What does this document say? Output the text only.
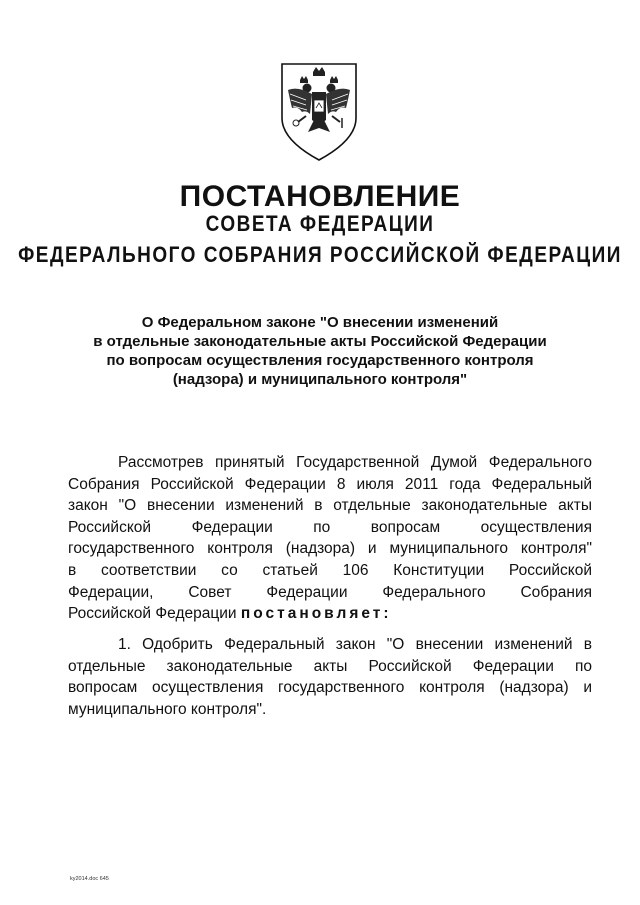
ПОСТАНОВЛЕНИЕ
СОВЕТА ФЕДЕРАЦИИ
ФЕДЕРАЛЬНОГО СОБРАНИЯ РОССИЙСКОЙ ФЕДЕРАЦИИ
О Федеральном законе "О внесении изменений
в отдельные законодательные акты Российской Федерации
по вопросам осуществления государственного контроля
(надзора) и муниципального контроля"
Рассмотрев принятый Государственной Думой Федерального
Собрания Российской Федерации 8 июля 2011 года Федеральный
закон "О внесении изменений в отдельные законодательные акты
Российской Федерации по вопросам осуществления
государственного контроля (надзора) и муниципального контроля"
в соответствии со статьей 106 Конституции Российской
Федерации, Совет Федерации Федерального Собрания
Российской Федерации постановляет:
1. Одобрить Федеральный закон "О внесении изменений в
отдельные законодательные акты Российской Федерации по
вопросам осуществления государственного контроля (надзора) и
муниципального контроля".
ky2014.doc 645
